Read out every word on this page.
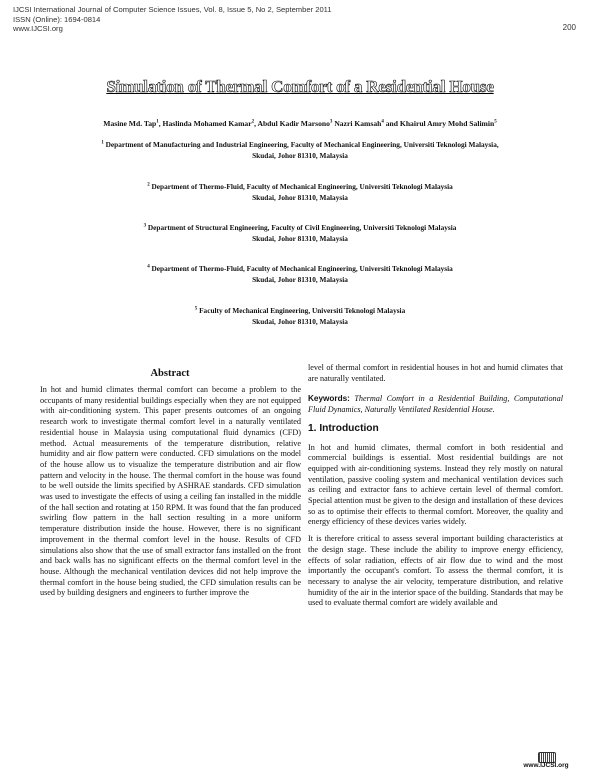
IJCSI International Journal of Computer Science Issues, Vol. 8, Issue 5, No 2, September 2011
ISSN (Online): 1694-0814
www.IJCSI.org	200
Simulation of Thermal Comfort of a Residential House
Masine Md. Tap$^1$, Haslinda Mohamed Kamar$^2$, Abdul Kadir Marsono$^3$ Nazri Kamsah$^4$ and Khairul Amry Mohd Salimin$^5$
$^1$ Department of Manufacturing and Industrial Engineering, Faculty of Mechanical Engineering, Universiti Teknologi Malaysia,
Skudai, Johor 81310, Malaysia
$^2$ Department of Thermo-Fluid, Faculty of Mechanical Engineering, Universiti Teknologi Malaysia
Skudai, Johor 81310, Malaysia
$^3$ Department of Structural Engineering, Faculty of Civil Engineering, Universiti Teknologi Malaysia
Skudai, Johor 81310, Malaysia
$^4$ Department of Thermo-Fluid, Faculty of Mechanical Engineering, Universiti Teknologi Malaysia
Skudai, Johor 81310, Malaysia
$^5$ Faculty of Mechanical Engineering, Universiti Teknologi Malaysia
Skudai, Johor 81310, Malaysia
Abstract

In hot and humid climates thermal comfort can become a problem to the occupants of many residential buildings especially when they are not equipped with air-conditioning system. This paper presents outcomes of an ongoing research work to investigate thermal comfort level in a naturally ventilated residential house in Malaysia using computational fluid dynamics (CFD) method. Actual measurements of the temperature distribution, relative humidity and air flow pattern were conducted. CFD simulations on the model of the house allow us to visualize the temperature distribution and air flow pattern and velocity in the house. The thermal comfort in the house was found to be well outside the limits specified by ASHRAE standards. CFD simulation was used to investigate the effects of using a ceiling fan installed in the middle of the hall section and rotating at 150 RPM. It was found that the fan produced swirling flow pattern in the hall section resulting in a more uniform temperature distribution inside the house. However, there is no significant improvement in the thermal comfort level in the house. Results of CFD simulations also show that the use of small extractor fans installed on the front and back walls has no significant effects on the thermal comfort level in the house. Although the mechanical ventilation devices did not help improve the thermal comfort in the house being studied, the CFD simulation results can be used by building designers and engineers to further improve the

level of thermal comfort in residential houses in hot and humid climates that are naturally ventilated.

Keywords: Thermal Comfort in a Residential Building, Computational Fluid Dynamics, Naturally Ventilated Residential House.

1. Introduction

In hot and humid climates, thermal comfort in both residential and commercial buildings is essential. Most residential buildings are not equipped with air-conditioning systems. Instead they rely mostly on natural ventilation, passive cooling system and mechanical ventilation devices such as ceiling and extractor fans to achieve certain level of thermal comfort. Special attention must be given to the design and installation of these devices so as to optimise their effects to thermal comfort. Moreover, the quality and energy efficiency of these devices varies widely.

It is therefore critical to assess several important building characteristics at the design stage. These include the ability to improve energy efficiency, effects of solar radiation, effects of air flow due to wind and the most importantly the occupant's comfort. To assess the thermal comfort, it is necessary to analyse the air velocity, temperature distribution, and relative humidity of the air in the interior space of the building. Standards that may be used to evaluate thermal comfort are widely available and

www.IJCSI.org
